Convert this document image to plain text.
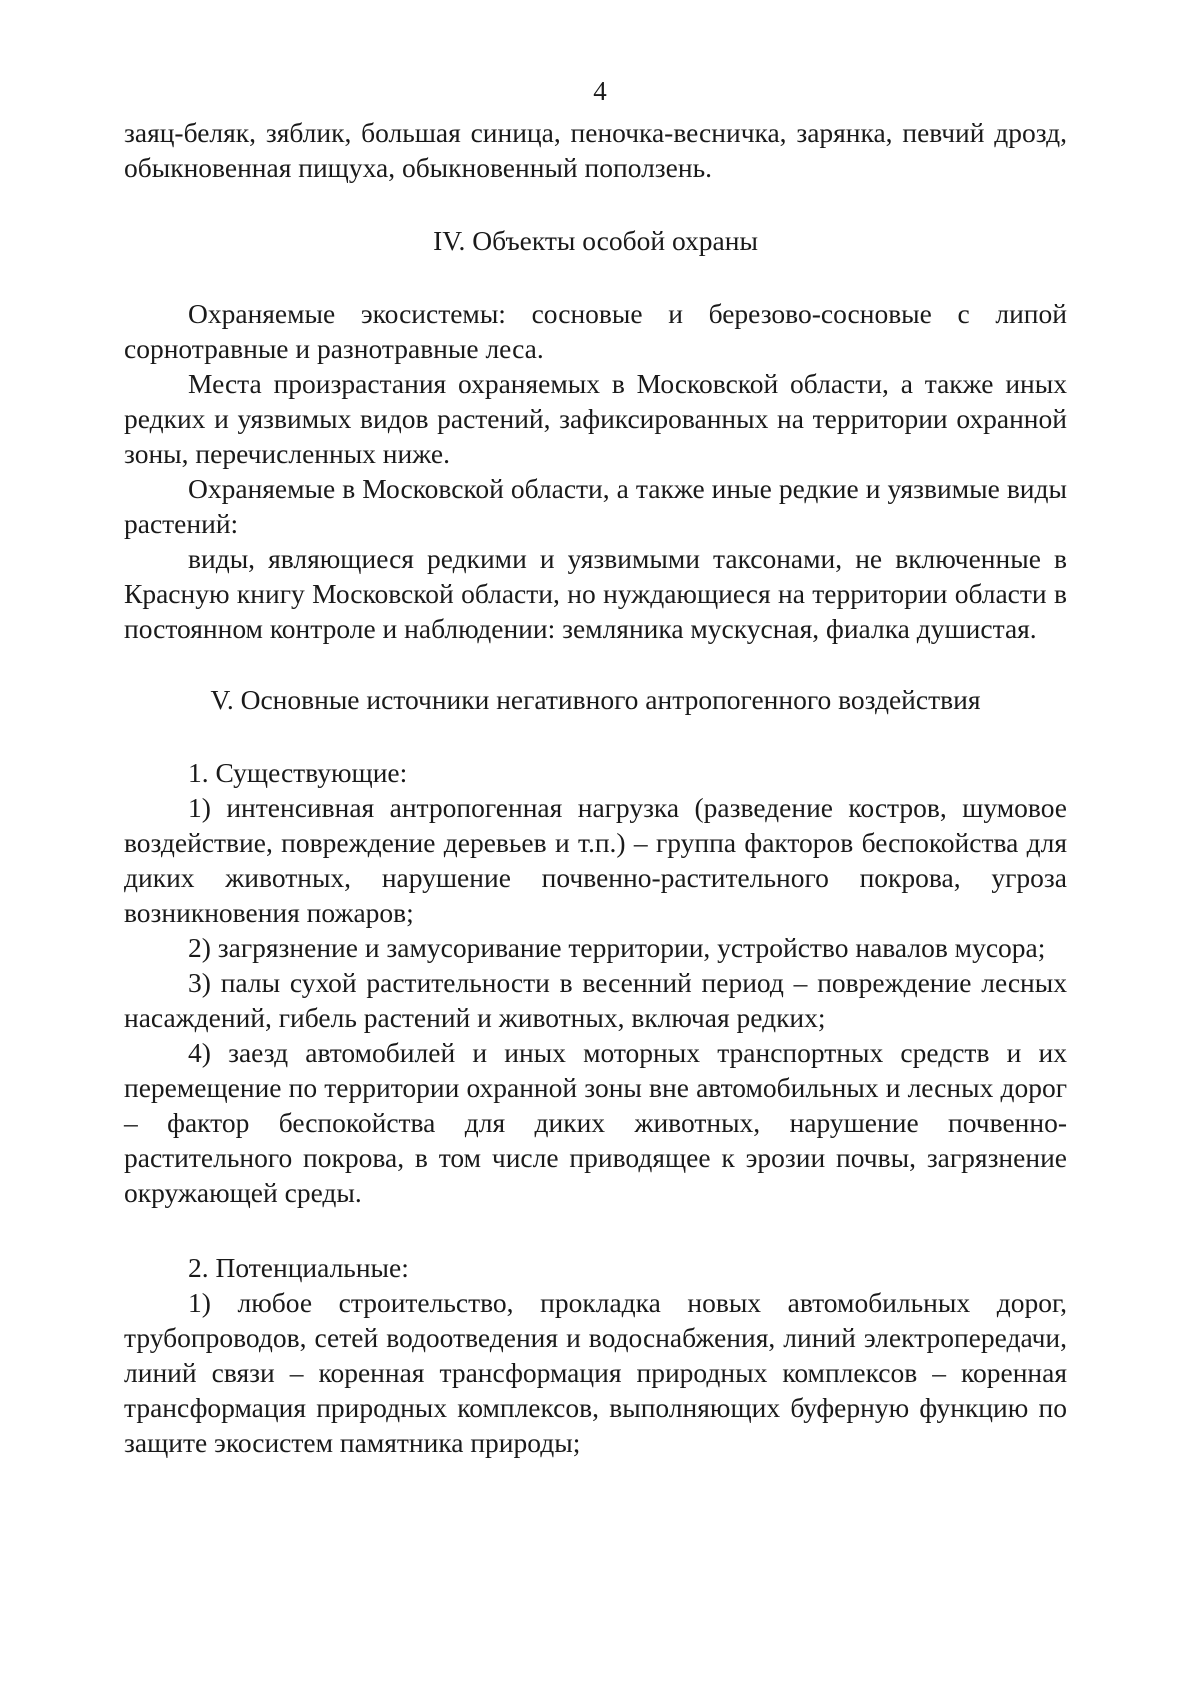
4

заяц-беляк, зяблик, большая синица, пеночка-весничка, зарянка, певчий дрозд, обыкновенная пищуха, обыкновенный поползень.

IV. Объекты особой охраны

Охраняемые экосистемы: сосновые и березово-сосновые с липой сорнотравные и разнотравные леса.

Места произрастания охраняемых в Московской области, а также иных редких и уязвимых видов растений, зафиксированных на территории охранной зоны, перечисленных ниже.

Охраняемые в Московской области, а также иные редкие и уязвимые виды растений:

виды, являющиеся редкими и уязвимыми таксонами, не включенные в Красную книгу Московской области, но нуждающиеся на территории области в постоянном контроле и наблюдении: земляника мускусная, фиалка душистая.

V. Основные источники негативного антропогенного воздействия

1. Существующие:

1) интенсивная антропогенная нагрузка (разведение костров, шумовое воздействие, повреждение деревьев и т.п.) – группа факторов беспокойства для диких животных, нарушение почвенно-растительного покрова, угроза возникновения пожаров;

2) загрязнение и замусоривание территории, устройство навалов мусора;

3) палы сухой растительности в весенний период – повреждение лесных насаждений, гибель растений и животных, включая редких;

4) заезд автомобилей и иных моторных транспортных средств и их перемещение по территории охранной зоны вне автомобильных и лесных дорог – фактор беспокойства для диких животных, нарушение почвенно-растительного покрова, в том числе приводящее к эрозии почвы, загрязнение окружающей среды.

2. Потенциальные:

1) любое строительство, прокладка новых автомобильных дорог, трубопроводов, сетей водоотведения и водоснабжения, линий электропередачи, линий связи – коренная трансформация природных комплексов – коренная трансформация природных комплексов, выполняющих буферную функцию по защите экосистем памятника природы;
